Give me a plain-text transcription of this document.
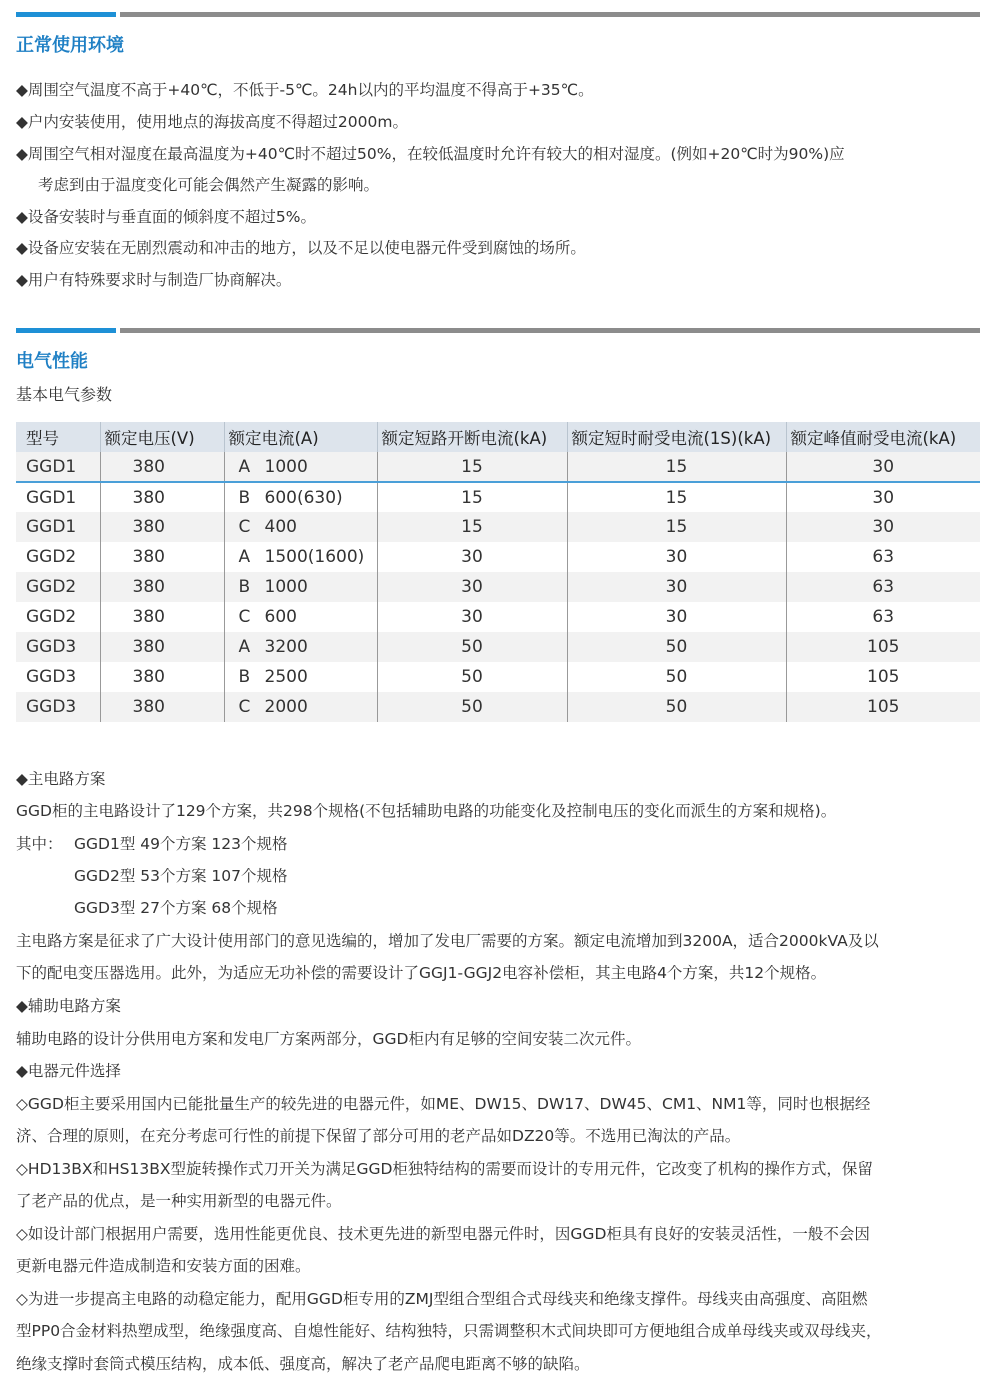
正常使用环境
◆周围空气温度不高于+40℃，不低于-5℃。24h以内的平均温度不得高于+35℃。
◆户内安装使用，使用地点的海拔高度不得超过2000m。
◆周围空气相对湿度在最高温度为+40℃时不超过50%，在较低温度时允许有较大的相对湿度。(例如+20℃时为90%)应
考虑到由于温度变化可能会偶然产生凝露的影响。
◆设备安装时与垂直面的倾斜度不超过5%。
◆设备应安装在无剧烈震动和冲击的地方，以及不足以使电器元件受到腐蚀的场所。
◆用户有特殊要求时与制造厂协商解决。
电气性能
基本电气参数
型号	额定电压(V)	额定电流(A)	额定短路开断电流(kA)	额定短时耐受电流(1S)(kA)	额定峰值耐受电流(kA)
GGD1	380	A 1000	15	15	30
GGD1	380	B 600(630)	15	15	30
GGD1	380	C 400	15	15	30
GGD2	380	A 1500(1600)	30	30	63
GGD2	380	B 1000	30	30	63
GGD2	380	C 600	30	30	63
GGD3	380	A 3200	50	50	105
GGD3	380	B 2500	50	50	105
GGD3	380	C 2000	50	50	105
◆主电路方案
GGD柜的主电路设计了129个方案，共298个规格(不包括辅助电路的功能变化及控制电压的变化而派生的方案和规格)。
其中： GGD1型 49个方案 123个规格
GGD2型 53个方案 107个规格
GGD3型 27个方案 68个规格
主电路方案是征求了广大设计使用部门的意见选编的，增加了发电厂需要的方案。额定电流增加到3200A，适合2000kVA及以
下的配电变压器选用。此外，为适应无功补偿的需要设计了GGJ1-GGJ2电容补偿柜，其主电路4个方案，共12个规格。
◆辅助电路方案
辅助电路的设计分供用电方案和发电厂方案两部分，GGD柜内有足够的空间安装二次元件。
◆电器元件选择
◇GGD柜主要采用国内已能批量生产的较先进的电器元件，如ME、DW15、DW17、DW45、CM1、NM1等，同时也根据经
济、合理的原则，在充分考虑可行性的前提下保留了部分可用的老产品如DZ20等。不选用已淘汰的产品。
◇HD13BX和HS13BX型旋转操作式刀开关为满足GGD柜独特结构的需要而设计的专用元件，它改变了机构的操作方式，保留
了老产品的优点，是一种实用新型的电器元件。
◇如设计部门根据用户需要，选用性能更优良、技术更先进的新型电器元件时，因GGD柜具有良好的安装灵活性，一般不会因
更新电器元件造成制造和安装方面的困难。
◇为进一步提高主电路的动稳定能力，配用GGD柜专用的ZMJ型组合型组合式母线夹和绝缘支撑件。母线夹由高强度、高阻燃
型PP0合金材料热塑成型，绝缘强度高、自熄性能好、结构独特，只需调整积木式间块即可方便地组合成单母线夹或双母线夹，
绝缘支撑时套筒式模压结构，成本低、强度高，解决了老产品爬电距离不够的缺陷。
